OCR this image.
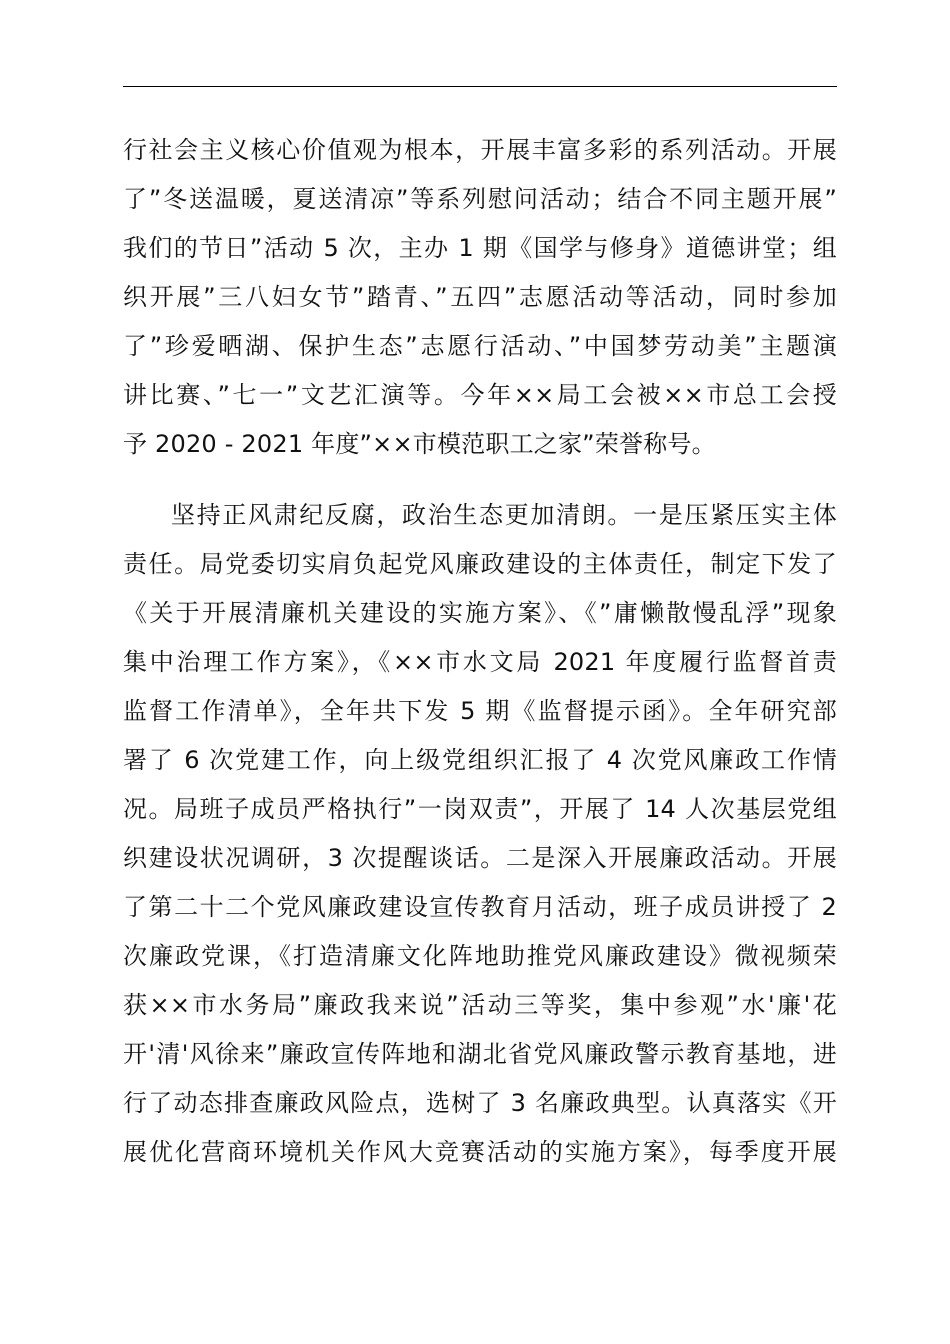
行社会主义核心价值观为根本，开展丰富多彩的系列活动。开展
了”冬送温暖，夏送清凉”等系列慰问活动；结合不同主题开展”
我们的节日”活动 5 次，主办 1 期《国学与修身》道德讲堂；组
织开展”三八妇女节”踏青、”五四”志愿活动等活动，同时参加
了”珍爱晒湖、保护生态”志愿行活动、”中国梦劳动美”主题演
讲比赛、”七一”文艺汇演等。今年××局工会被××市总工会授
予 2020 - 2021 年度”××市模范职工之家”荣誉称号。
坚持正风肃纪反腐，政治生态更加清朗。一是压紧压实主体
责任。局党委切实肩负起党风廉政建设的主体责任，制定下发了
《关于开展清廉机关建设的实施方案》、《”庸懒散慢乱浮”现象
集中治理工作方案》，《××市水文局 2021 年度履行监督首责
监督工作清单》，全年共下发 5 期《监督提示函》。全年研究部
署了 6 次党建工作，向上级党组织汇报了 4 次党风廉政工作情
况。局班子成员严格执行”一岗双责”，开展了 14 人次基层党组
织建设状况调研，3 次提醒谈话。二是深入开展廉政活动。开展
了第二十二个党风廉政建设宣传教育月活动，班子成员讲授了 2
次廉政党课，《打造清廉文化阵地助推党风廉政建设》微视频荣
获××市水务局”廉政我来说”活动三等奖，集中参观”水'廉'花
开'清'风徐来”廉政宣传阵地和湖北省党风廉政警示教育基地，进
行了动态排查廉政风险点，选树了 3 名廉政典型。认真落实《开
展优化营商环境机关作风大竞赛活动的实施方案》，每季度开展
